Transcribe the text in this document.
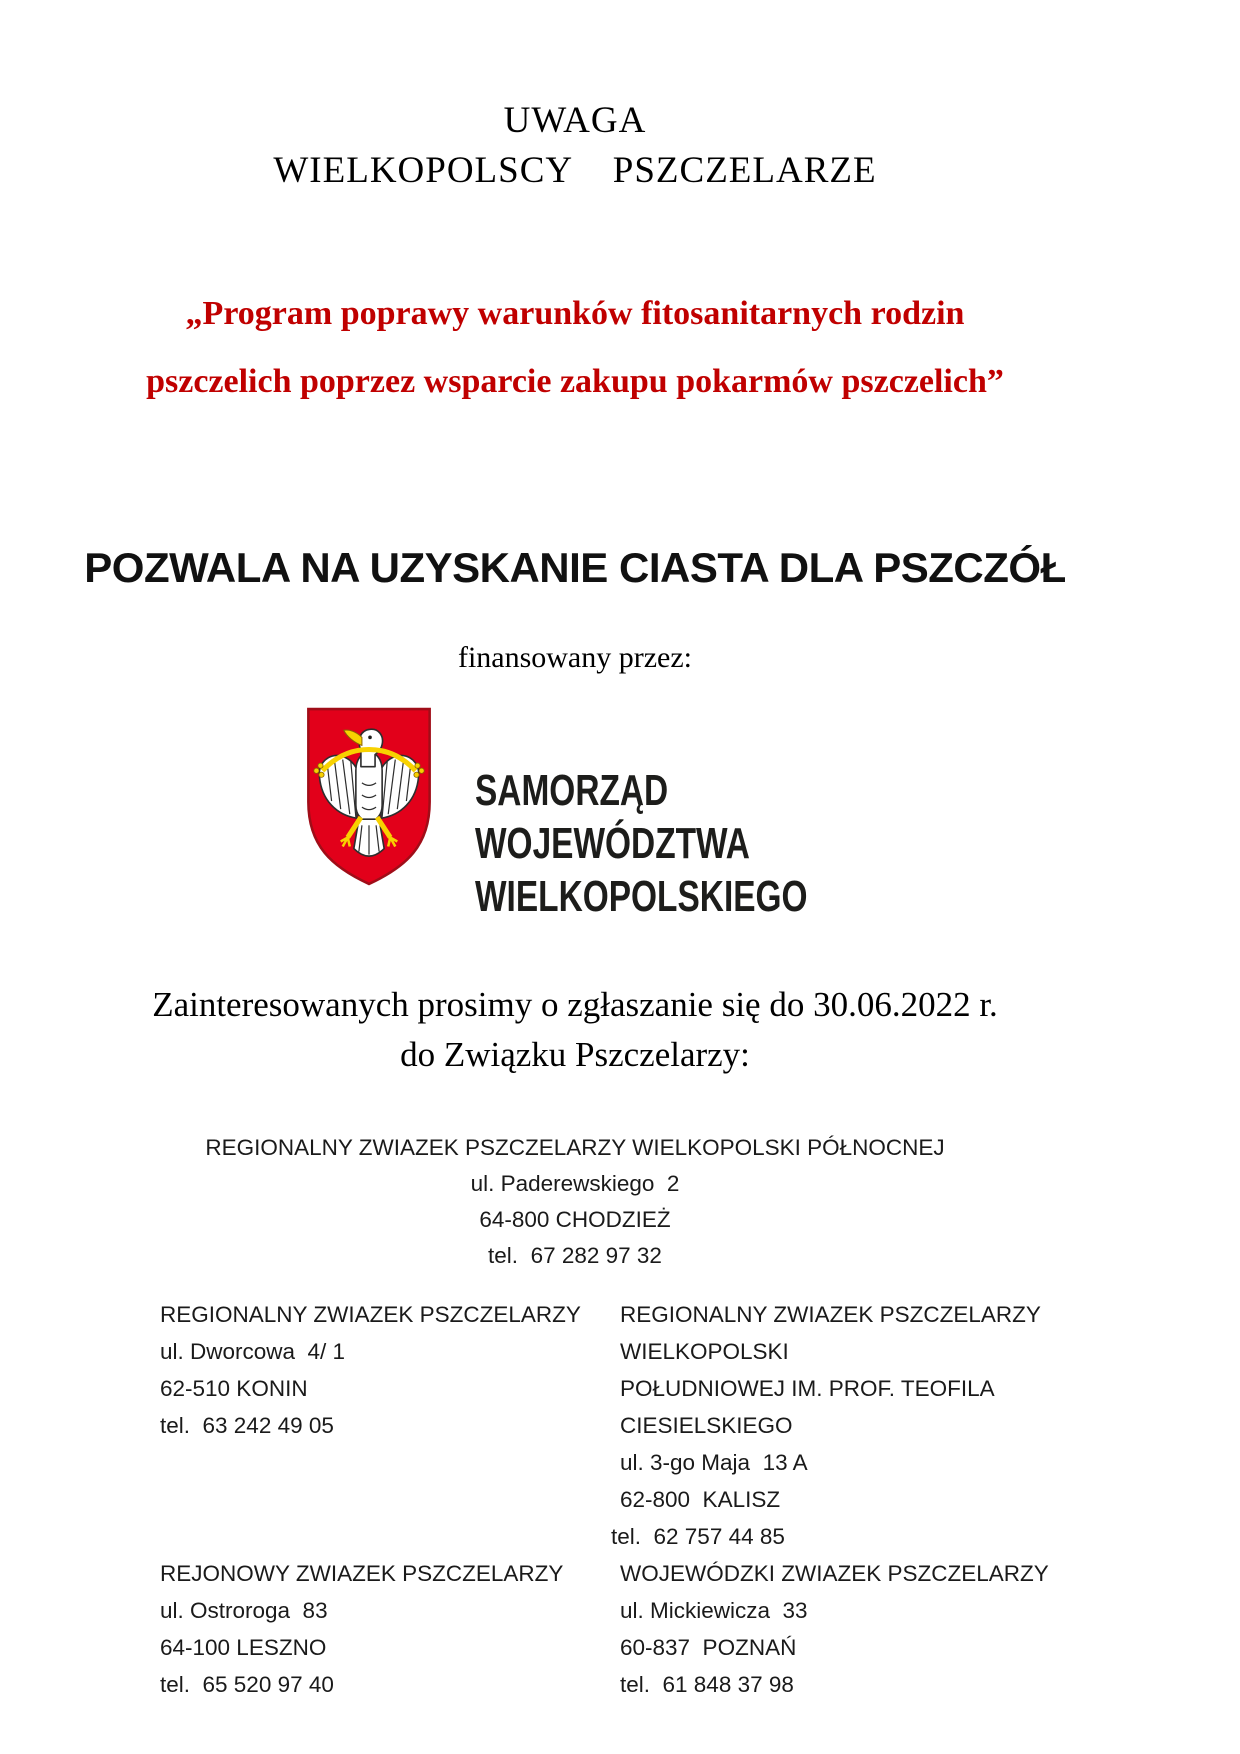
UWAGA
WIELKOPOLSCY    PSZCZELARZE
„Program poprawy warunków fitosanitarnych rodzin
pszczelich poprzez wsparcie zakupu pokarmów pszczelich”
POZWALA NA UZYSKANIE CIASTA DLA PSZCZÓŁ
finansowany przez:
SAMORZĄD WOJEWÓDZTWA
WIELKOPOLSKIEGO
Zainteresowanych prosimy o zgłaszanie się do 30.06.2022 r.
do Związku Pszczelarzy:
REGIONALNY ZWIAZEK PSZCZELARZY WIELKOPOLSKI PÓŁNOCNEJ
ul. Paderewskiego  2
64-800 CHODZIEŻ
tel.  67 282 97 32
REGIONALNY ZWIAZEK PSZCZELARZY
ul. Dworcowa  4/ 1
62-510 KONIN
tel.  63 242 49 05
REGIONALNY ZWIAZEK PSZCZELARZY WIELKOPOLSKI
POŁUDNIOWEJ IM. PROF. TEOFILA CIESIELSKIEGO
ul. 3-go Maja  13 A
62-800  KALISZ
tel.  62 757 44 85
REJONOWY ZWIAZEK PSZCZELARZY
ul. Ostroroga  83
64-100 LESZNO
tel.  65 520 97 40
WOJEWÓDZKI ZWIAZEK PSZCZELARZY
ul. Mickiewicza  33
60-837  POZNAŃ
tel.  61 848 37 98
